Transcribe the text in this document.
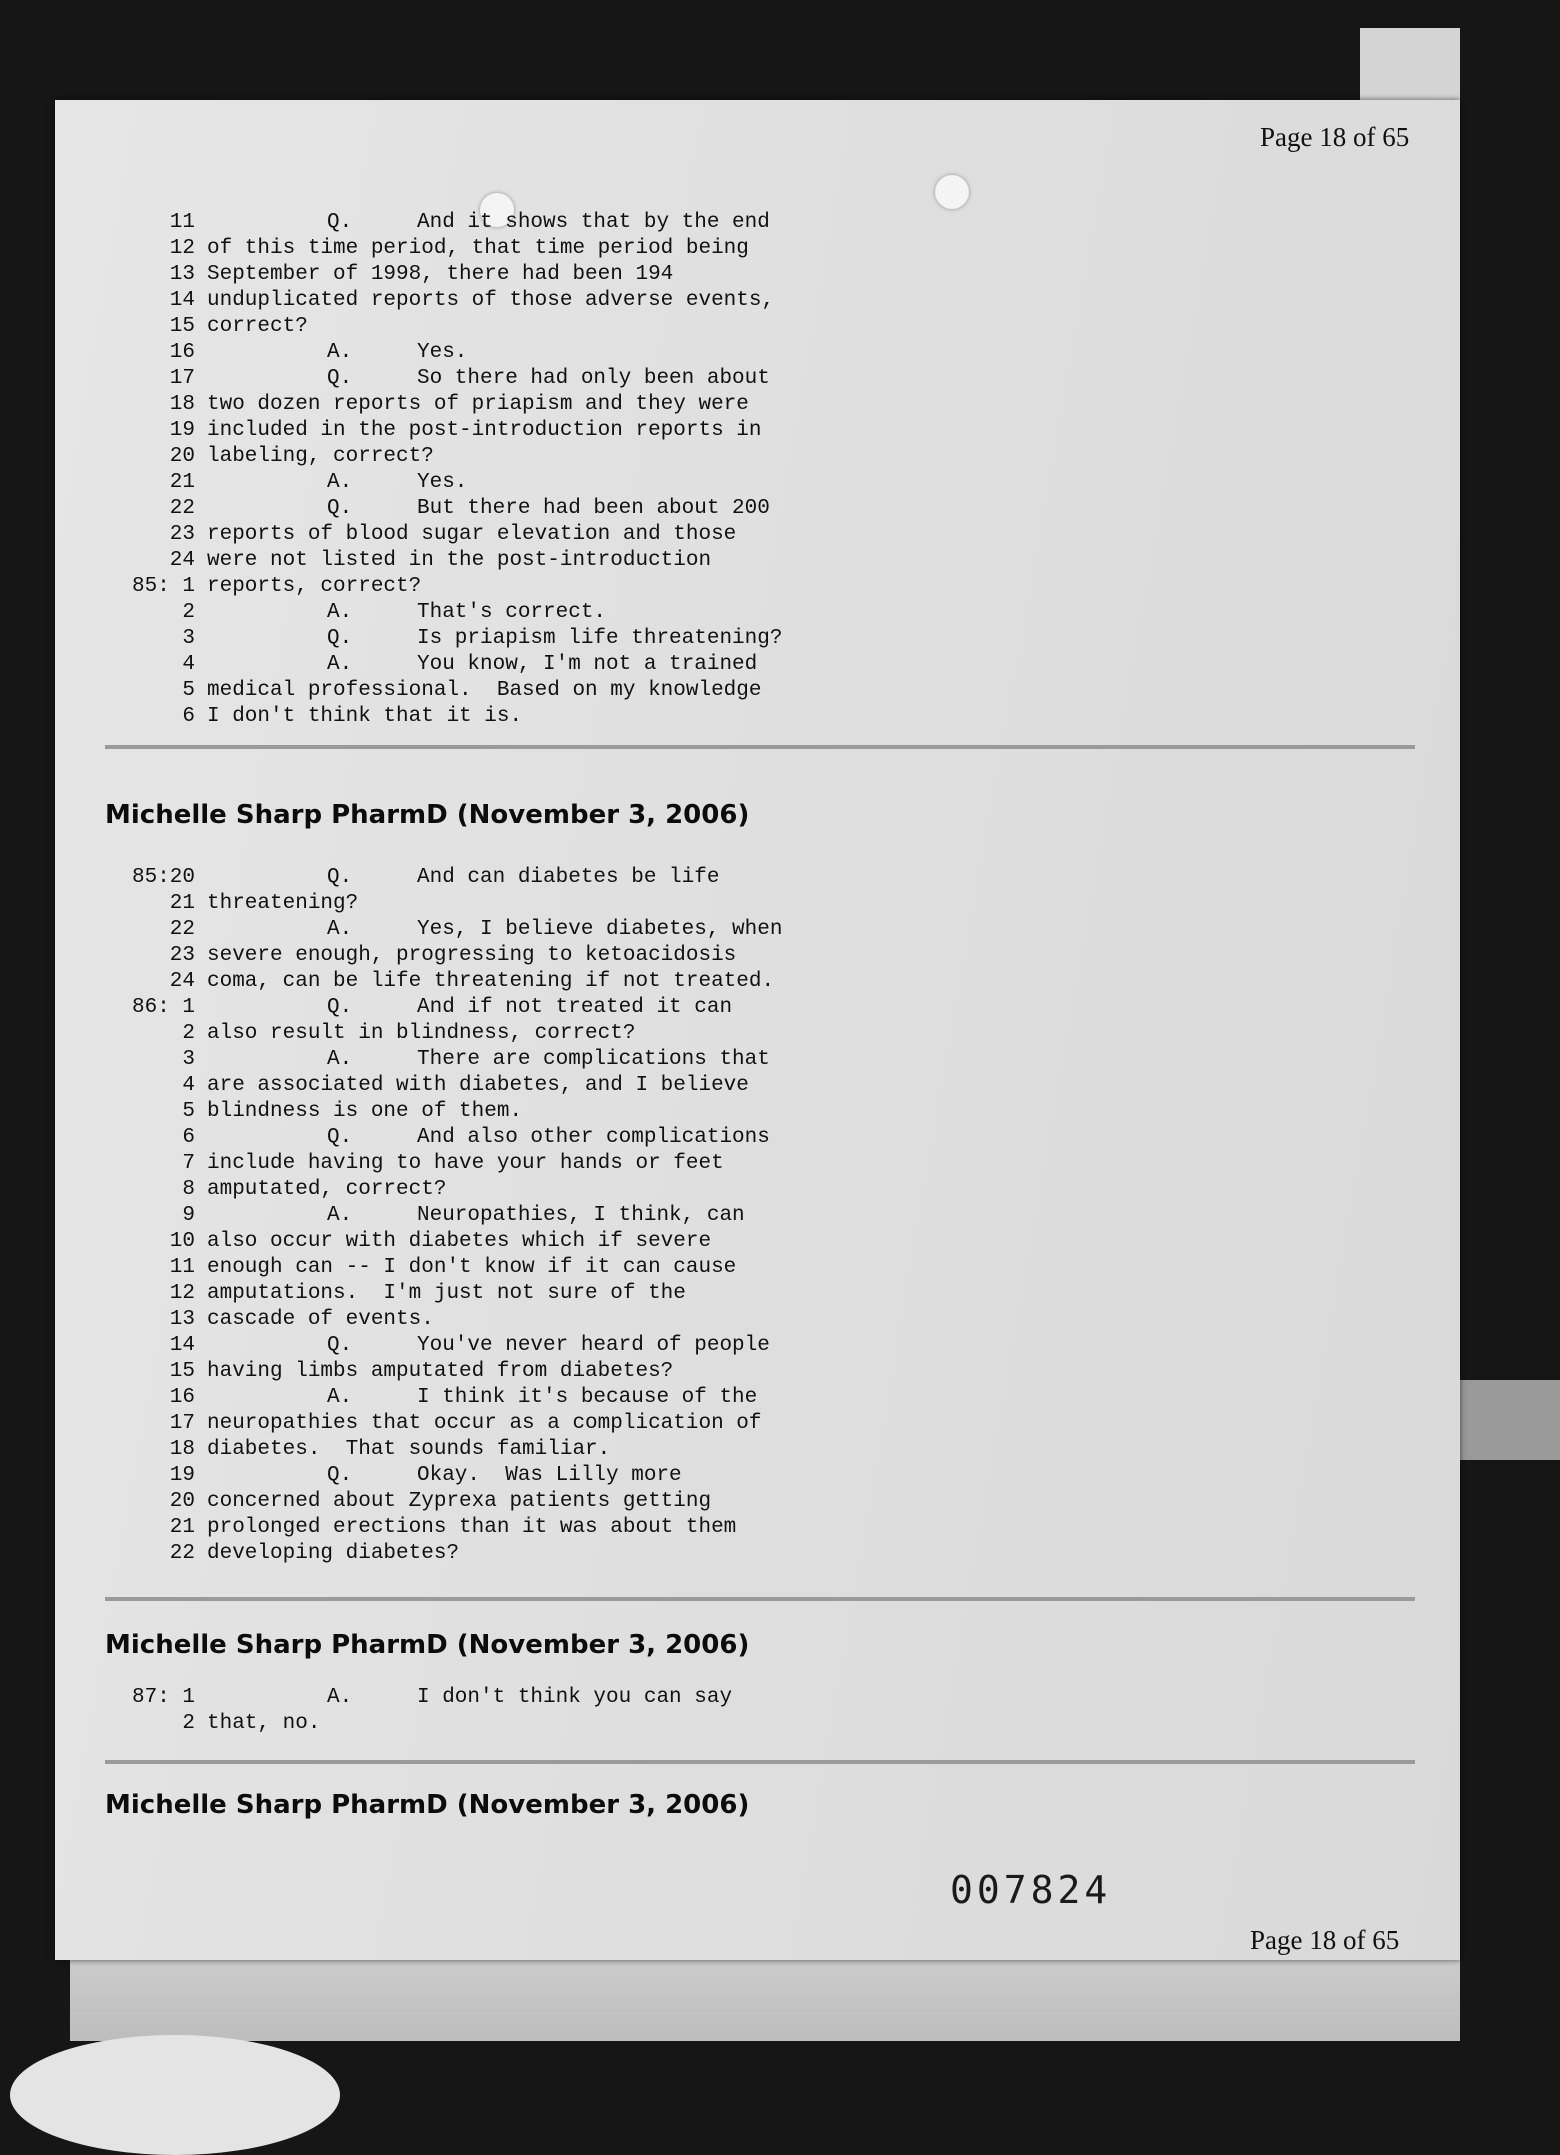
Page 18 of 65
11	Q.	And it shows that by the end
12 of this time period, that time period being
13 September of 1998, there had been 194
14 unduplicated reports of those adverse events,
15 correct?
16	A.	Yes.
17	Q.	So there had only been about
18 two dozen reports of priapism and they were
19 included in the post-introduction reports in
20 labeling, correct?
21	A.	Yes.
22	Q.	But there had been about 200
23 reports of blood sugar elevation and those
24 were not listed in the post-introduction
85: 1 reports, correct?
2	A.	That's correct.
3	Q.	Is priapism life threatening?
4	A.	You know, I'm not a trained
5 medical professional.  Based on my knowledge
6 I don't think that it is.
Michelle Sharp PharmD (November 3, 2006)
85:20	Q.	And can diabetes be life
21 threatening?
22	A.	Yes, I believe diabetes, when
23 severe enough, progressing to ketoacidosis
24 coma, can be life threatening if not treated.
86: 1	Q.	And if not treated it can
2 also result in blindness, correct?
3	A.	There are complications that
4 are associated with diabetes, and I believe
5 blindness is one of them.
6	Q.	And also other complications
7 include having to have your hands or feet
8 amputated, correct?
9	A.	Neuropathies, I think, can
10 also occur with diabetes which if severe
11 enough can -- I don't know if it can cause
12 amputations.  I'm just not sure of the
13 cascade of events.
14	Q.	You've never heard of people
15 having limbs amputated from diabetes?
16	A.	I think it's because of the
17 neuropathies that occur as a complication of
18 diabetes.  That sounds familiar.
19	Q.	Okay.  Was Lilly more
20 concerned about Zyprexa patients getting
21 prolonged erections than it was about them
22 developing diabetes?
Michelle Sharp PharmD (November 3, 2006)
87: 1	A.	I don't think you can say
2 that, no.
Michelle Sharp PharmD (November 3, 2006)
007824
Page 18 of 65
